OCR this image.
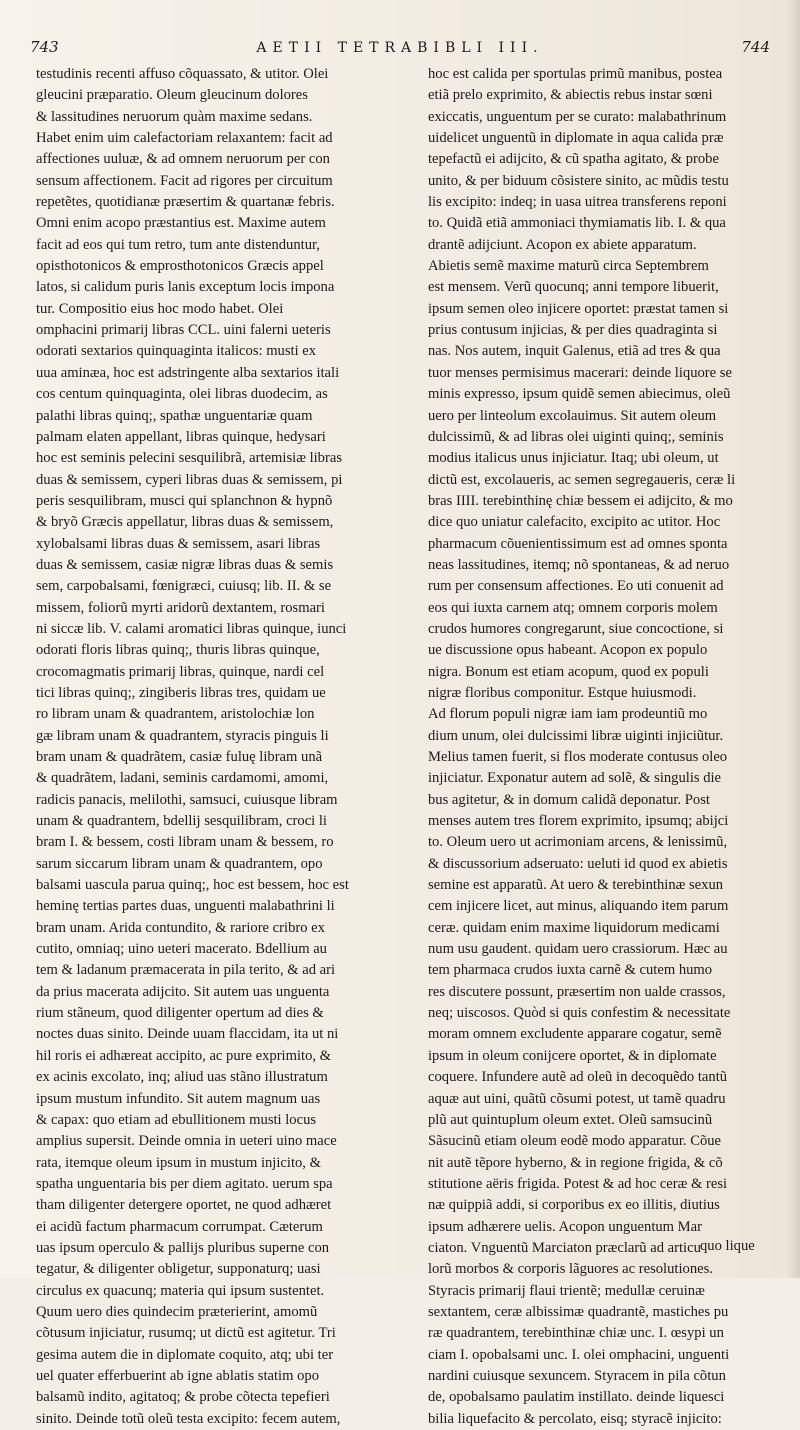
743	AETII TETRABIBLI III.	744
testudinis recenti affuso cõquassato, & utitor. Olei
gleucini præparatio. Oleum gleucinum dolores
& lassitudines neruorum quàm maxime sedans.
Habet enim uim calefactoriam relaxantem: facit ad
affectiones uuluæ, & ad omnem neruorum per con
sensum affectionem. Facit ad rigores per circuitum
repetẽtes, quotidianæ præsertim & quartanæ febris.
Omni enim acopo præstantius est. Maxime autem
facit ad eos qui tum retro, tum ante distenduntur,
opisthotonicos & emprosthotonicos Græcis appel
latos, si calidum puris lanis exceptum locis impona
tur. Compositio eius hoc modo habet. Olei
omphacini primarij libras CCL. uini falerni ueteris
odorati sextarios quinquaginta italicos: musti ex
uua aminæa, hoc est adstringente alba sextarios itali
cos centum quinquaginta, olei libras duodecim, as
palathi libras quinq;, spathæ unguentariæ quam
palmam elaten appellant, libras quinque, hedysari
hoc est seminis pelecini sesquilibrã, artemisiæ libras
duas & semissem, cyperi libras duas & semissem, pi
peris sesquilibram, musci qui splanchnon & hypnõ
& bryõ Græcis appellatur, libras duas & semissem,
xylobalsami libras duas & semissem, asari libras
duas & semissem, casiæ nigræ libras duas & semis
sem, carpobalsami, fœnigræci, cuiusq; lib. II. & se
missem, foliorũ myrti aridorũ dextantem, rosmari
ni siccæ lib. V. calami aromatici libras quinque, iunci
odorati floris libras quinq;, thuris libras quinque,
crocomagmatis primarij libras, quinque, nardi cel
tici libras quinq;, zingiberis libras tres, quidam ue
ro libram unam & quadrantem, aristolochiæ lon
gæ libram unam & quadrantem, styracis pinguis li
bram unam & quadrãtem, casiæ fuluę libram unã
& quadrãtem, ladani, seminis cardamomi, amomi,
radicis panacis, melilothi, samsuci, cuiusque libram
unam & quadrantem, bdellij sesquilibram, croci li
bram I. & bessem, costi libram unam & bessem, ro
sarum siccarum libram unam & quadrantem, opo
balsami uascula parua quinq;, hoc est bessem, hoc est
heminę tertias partes duas, unguenti malabathrini li
bram unam. Arida contundito, & rariore cribro ex
cutito, omniaq; uino ueteri macerato. Bdellium au
tem & ladanum præmacerata in pila terito, & ad ari
da prius macerata adijcito. Sit autem uas unguenta
rium stãneum, quod diligenter opertum ad dies &
noctes duas sinito. Deinde uuam flaccidam, ita ut ni
hil roris ei adhæreat accipito, ac pure exprimito, &
ex acinis excolato, inq; aliud uas stãno illustratum
ipsum mustum infundito. Sit autem magnum uas
& capax: quo etiam ad ebullitionem musti locus
amplius supersit. Deinde omnia in ueteri uino mace
rata, itemque oleum ipsum in mustum injicito, &
spatha unguentaria bis per diem agitato. uerum spa
tham diligenter detergere oportet, ne quod adhæret
ei acidũ factum pharmacum corrumpat. Cæterum
uas ipsum operculo & pallijs pluribus superne con
tegatur, & diligenter obligetur, supponaturq; uasi
circulus ex quacunq; materia qui ipsum sustentet.
Quum uero dies quindecim præterierint, amomũ
cõtusum injiciatur, rusumq; ut dictũ est agitetur. Tri
gesima autem die in diplomate coquito, atq; ubi ter
uel quater efferbuerint ab igne ablatis statim opo
balsamũ indito, agitatoq; & probe cõtecta tepefieri
sinito. Deinde totũ oleũ testa excipito: fecem autem,
hoc est calida per sportulas primũ manibus, postea
etiã prelo exprimito, & abiectis rebus instar sœni
exiccatis, unguentum per se curato: malabathrinum
uidelicet unguentũ in diplomate in aqua calida præ
tepefactũ ei adijcito, & cũ spatha agitato, & probe
unito, & per biduum cõsistere sinito, ac mũdis testu
lis excipito: indeq; in uasa uitrea transferens reponi
to. Quidã etiã ammoniaci thymiamatis lib. I. & qua
drantẽ adijciunt. Acopon ex abiete apparatum.
Abietis semẽ maxime maturũ circa Septembrem
est mensem. Verũ quocunq; anni tempore libuerit,
ipsum semen oleo injicere oportet: præstat tamen si
prius contusum injicias, & per dies quadraginta si
nas. Nos autem, inquit Galenus, etiã ad tres & qua
tuor menses permisimus macerari: deinde liquore se
minis expresso, ipsum quidẽ semen abiecimus, oleũ
uero per linteolum excolauimus. Sit autem oleum
dulcissimũ, & ad libras olei uiginti quinq;, seminis
modius italicus unus injiciatur. Itaq; ubi oleum, ut
dictũ est, excolaueris, ac semen segregaueris, ceræ li
bras IIII. terebinthinę chiæ bessem ei adijcito, & mo
dice quo uniatur calefacito, excipito ac utitor. Hoc
pharmacum cõuenientissimum est ad omnes sponta
neas lassitudines, itemq; nõ spontaneas, & ad neruo
rum per consensum affectiones. Eo uti conuenit ad
eos qui iuxta carnem atq; omnem corporis molem
crudos humores congregarunt, siue concoctione, si
ue discussione opus habeant. Acopon ex populo
nigra. Bonum est etiam acopum, quod ex populi
nigræ floribus componitur. Estque huiusmodi.
Ad florum populi nigræ iam iam prodeuntiũ mo
dium unum, olei dulcissimi libræ uiginti injiciũtur.
Melius tamen fuerit, si flos moderate contusus oleo
injiciatur. Exponatur autem ad solẽ, & singulis die
bus agitetur, & in domum calidã deponatur. Post
menses autem tres florem exprimito, ipsumq; abijci
to. Oleum uero ut acrimoniam arcens, & lenissimũ,
& discussorium adseruato: ueluti id quod ex abietis
semine est apparatũ. At uero & terebinthinæ sexun
cem injicere licet, aut minus, aliquando item parum
ceræ. quidam enim maxime liquidorum medicami
num usu gaudent. quidam uero crassiorum. Hæc au
tem pharmaca crudos iuxta carnẽ & cutem humo
res discutere possunt, præsertim non ualde crassos,
neq; uiscosos. Quòd si quis confestim & necessitate
moram omnem excludente apparare cogatur, semẽ
ipsum in oleum conijcere oportet, & in diplomate
coquere. Infundere autẽ ad oleũ in decoquẽdo tantũ
aquæ aut uini, quãtũ cõsumi potest, ut tamẽ quadru
plũ aut quintuplum oleum extet. Oleũ samsucinũ
Sãsucinũ etiam oleum eodẽ modo apparatur. Cõue
nit autẽ tẽpore hyberno, & in regione frigida, & cõ
stitutione aëris frigida. Potest & ad hoc ceræ & resi
næ quippiã addi, si corporibus ex eo illitis, diutius
ipsum adhærere uelis. Acopon unguentum Mar
ciaton. Vnguentũ Marciaton præclarũ ad articu
lorũ morbos & corporis lãguores ac resolutiones.
Styracis primarij flaui trientẽ; medullæ ceruinæ
sextantem, ceræ albissimæ quadrantẽ, mastiches pu
ræ quadrantem, terebinthinæ chiæ unc. I. œsypi un
ciam I. opobalsami unc. I. olei omphacini, unguenti
nardini cuiusque sexuncem. Styracem in pila cõtun
de, opobalsamo paulatim instillato. deinde liquesci
bilia liquefacito & percolato, eisq; styracẽ injicito:
quo lique
